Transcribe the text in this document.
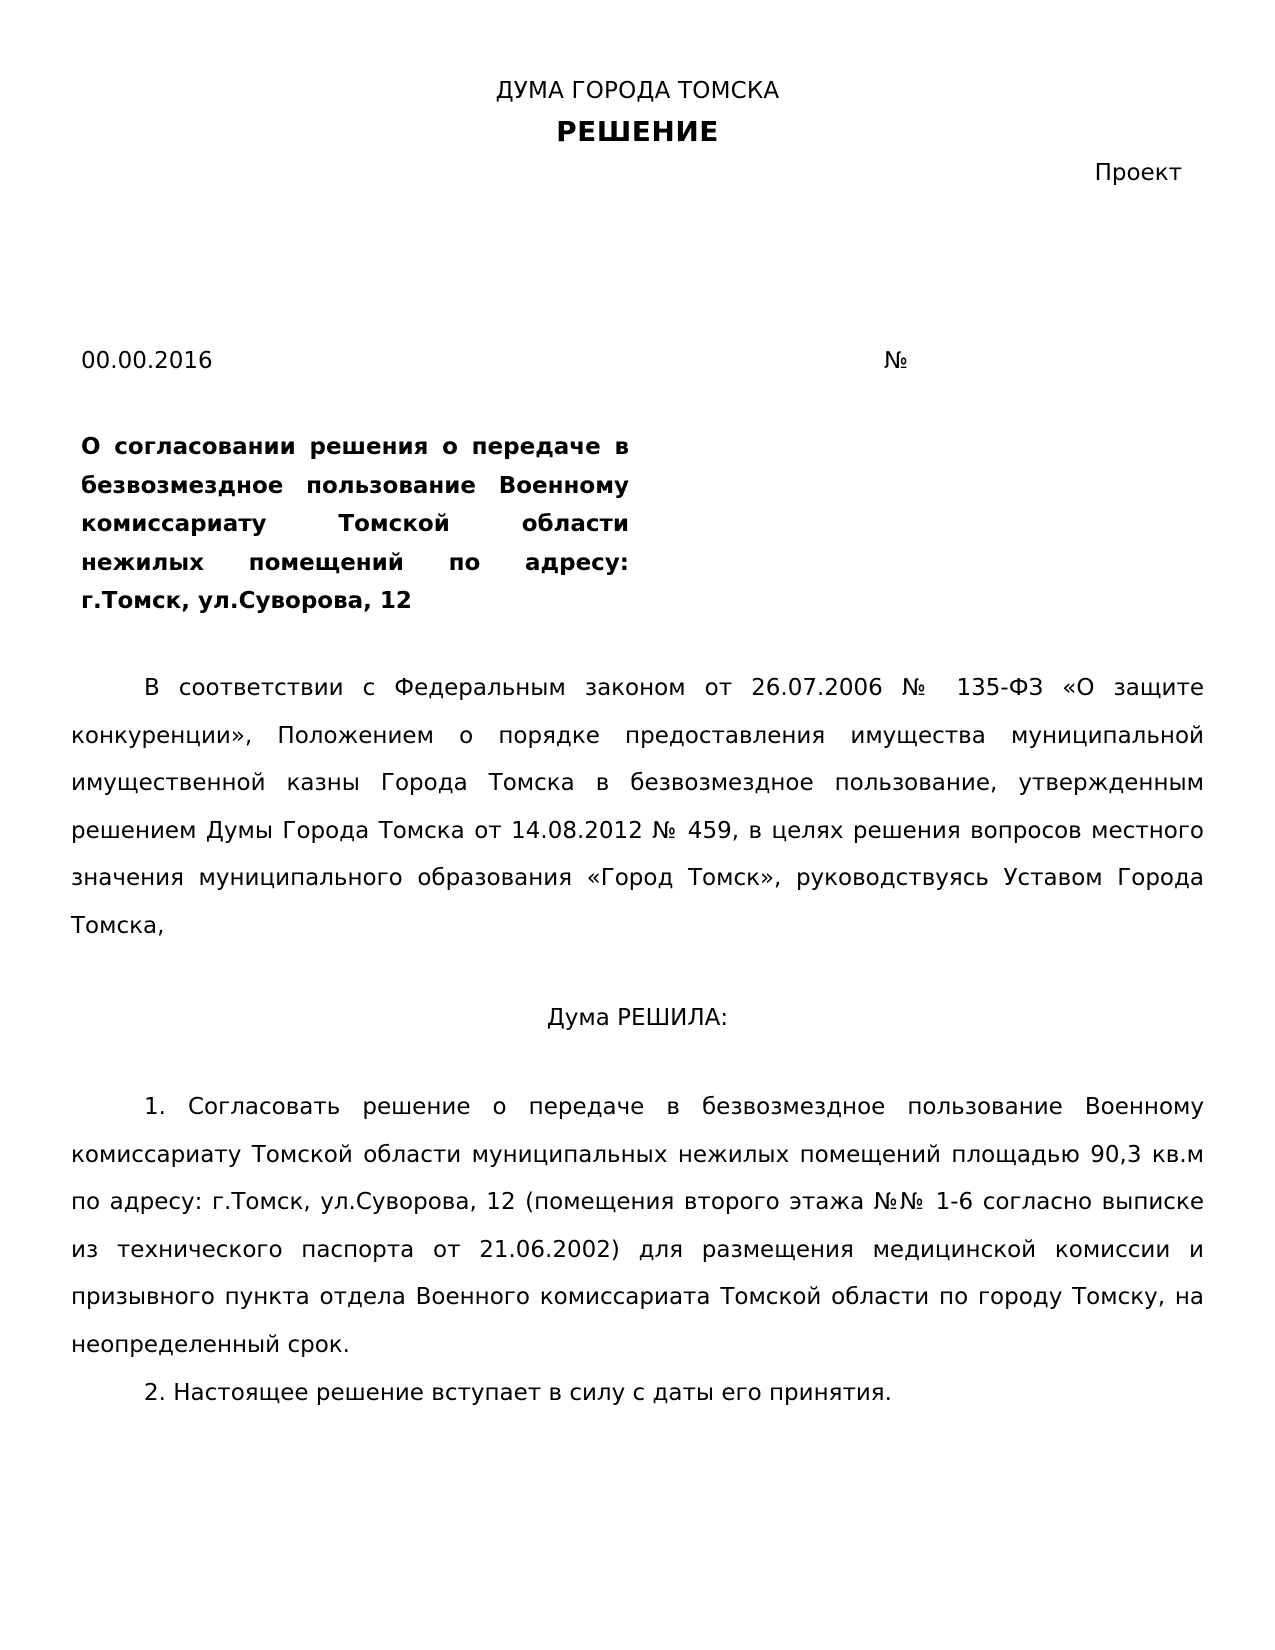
ДУМА ГОРОДА ТОМСКА
РЕШЕНИЕ
Проект
00.00.2016	№
О согласовании решения о передаче в безвозмездное пользование Военному комиссариату Томской области нежилых помещений по адресу: г.Томск, ул.Суворова, 12

В соответствии с Федеральным законом от 26.07.2006 № 135-ФЗ «О защите конкуренции», Положением о порядке предоставления имущества муниципальной имущественной казны Города Томска в безвозмездное пользование, утвержденным решением Думы Города Томска от 14.08.2012 № 459, в целях решения вопросов местного значения муниципального образования «Город Томск», руководствуясь Уставом Города Томска,

Дума РЕШИЛА:

1. Согласовать решение о передаче в безвозмездное пользование Военному комиссариату Томской области муниципальных нежилых помещений площадью 90,3 кв.м по адресу: г.Томск, ул.Суворова, 12 (помещения второго этажа №№ 1-6 согласно выписке из технического паспорта от 21.06.2002) для размещения медицинской комиссии и призывного пункта отдела Военного комиссариата Томской области по городу Томску, на неопределенный срок.

2. Настоящее решение вступает в силу с даты его принятия.
